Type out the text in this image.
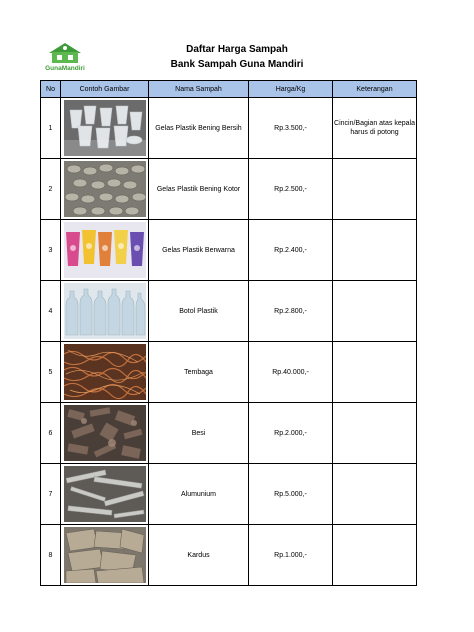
GunaMandiri
Daftar Harga Sampah
Bank Sampah Guna Mandiri
No	Contoh Gambar	Nama Sampah	Harga/Kg	Keterangan
1		Gelas Plastik Bening Bersih	Rp.3.500,-	Cincin/Bagian atas kepala harus di potong
2		Gelas Plastik Bening Kotor	Rp.2.500,-	
3		Gelas Plastik Berwarna	Rp.2.400,-	
4		Botol Plastik	Rp.2.800,-	
5		Tembaga	Rp.40.000,-	
6		Besi	Rp.2.000,-	
7		Alumunium	Rp.5.000,-	
8		Kardus	Rp.1.000,-	
